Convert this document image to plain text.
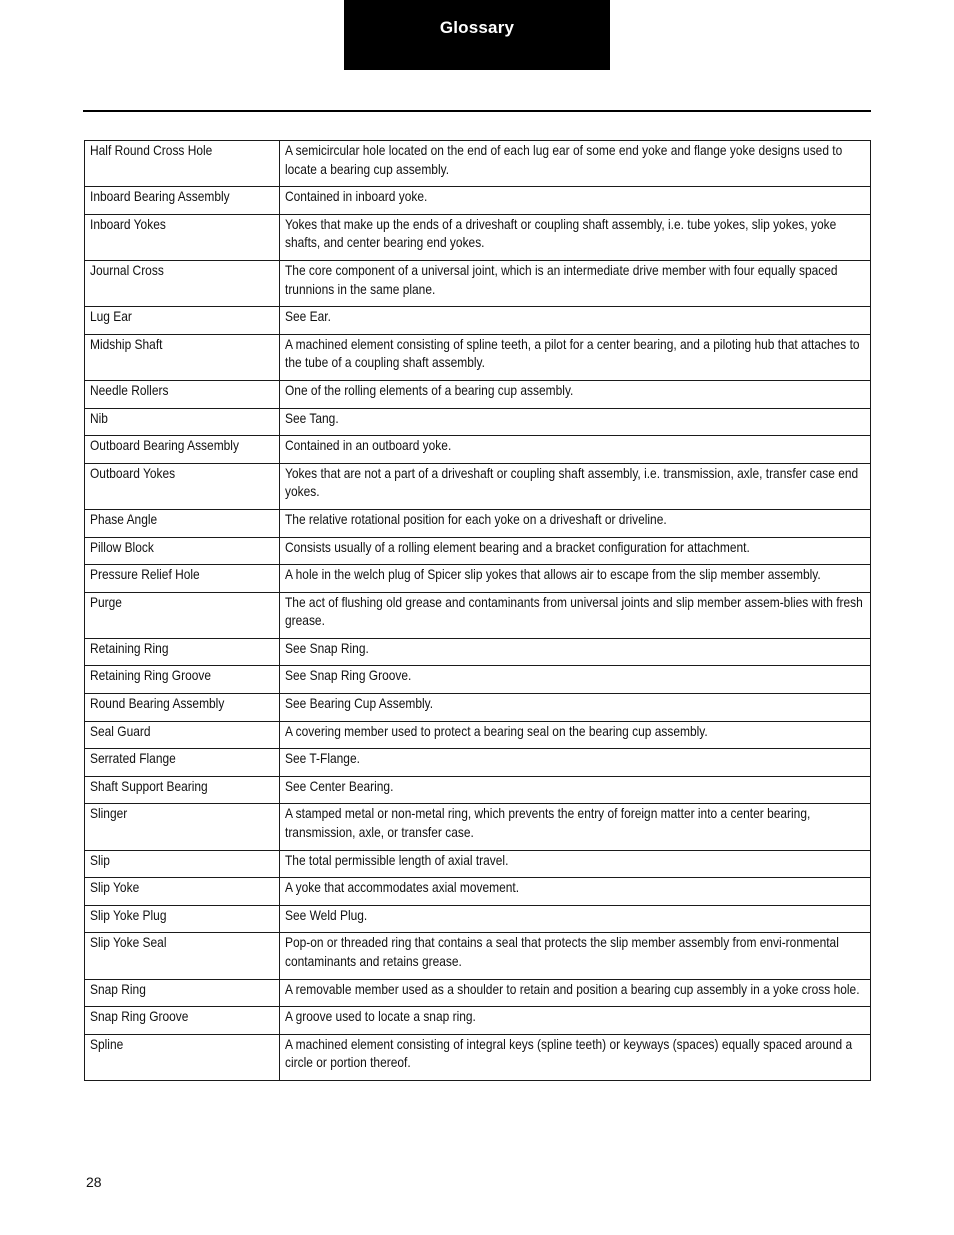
Glossary
Half Round Cross Hole	A semicircular hole located on the end of each lug ear of some end yoke and flange yoke designs used to locate a bearing cup assembly.
Inboard Bearing Assembly	Contained in inboard yoke.
Inboard Yokes	Yokes that make up the ends of a driveshaft or coupling shaft assembly, i.e. tube yokes, slip yokes, yoke shafts, and center bearing end yokes.
Journal Cross	The core component of a universal joint, which is an intermediate drive member with four equally spaced trunnions in the same plane.
Lug Ear	See Ear.
Midship Shaft	A machined element consisting of spline teeth, a pilot for a center bearing, and a piloting hub that attaches to the tube of a coupling shaft assembly.
Needle Rollers	One of the rolling elements of a bearing cup assembly.
Nib	See Tang.
Outboard Bearing Assembly	Contained in an outboard yoke.
Outboard Yokes	Yokes that are not a part of a driveshaft or coupling shaft assembly, i.e. transmission, axle, transfer case end yokes.
Phase Angle	The relative rotational position for each yoke on a driveshaft or driveline.
Pillow Block	Consists usually of a rolling element bearing and a bracket configuration for attachment.
Pressure Relief Hole	A hole in the welch plug of Spicer slip yokes that allows air to escape from the slip member assembly.
Purge	The act of flushing old grease and contaminants from universal joints and slip member assem-blies with fresh grease.
Retaining Ring	See Snap Ring.
Retaining Ring Groove	See Snap Ring Groove.
Round Bearing Assembly	See Bearing Cup Assembly.
Seal Guard	A covering member used to protect a bearing seal on the bearing cup assembly.
Serrated Flange	See T-Flange.
Shaft Support Bearing	See Center Bearing.
Slinger	A stamped metal or non-metal ring, which prevents the entry of foreign matter into a center bearing, transmission, axle, or transfer case.
Slip	The total permissible length of axial travel.
Slip Yoke	A yoke that accommodates axial movement.
Slip Yoke Plug	See Weld Plug.
Slip Yoke Seal	Pop-on or threaded ring that contains a seal that protects the slip member assembly from envi-ronmental contaminants and retains grease.
Snap Ring	A removable member used as a shoulder to retain and position a bearing cup assembly in a yoke cross hole.
Snap Ring Groove	A groove used to locate a snap ring.
Spline	A machined element consisting of integral keys (spline teeth) or keyways (spaces) equally spaced around a circle or portion thereof.
28
